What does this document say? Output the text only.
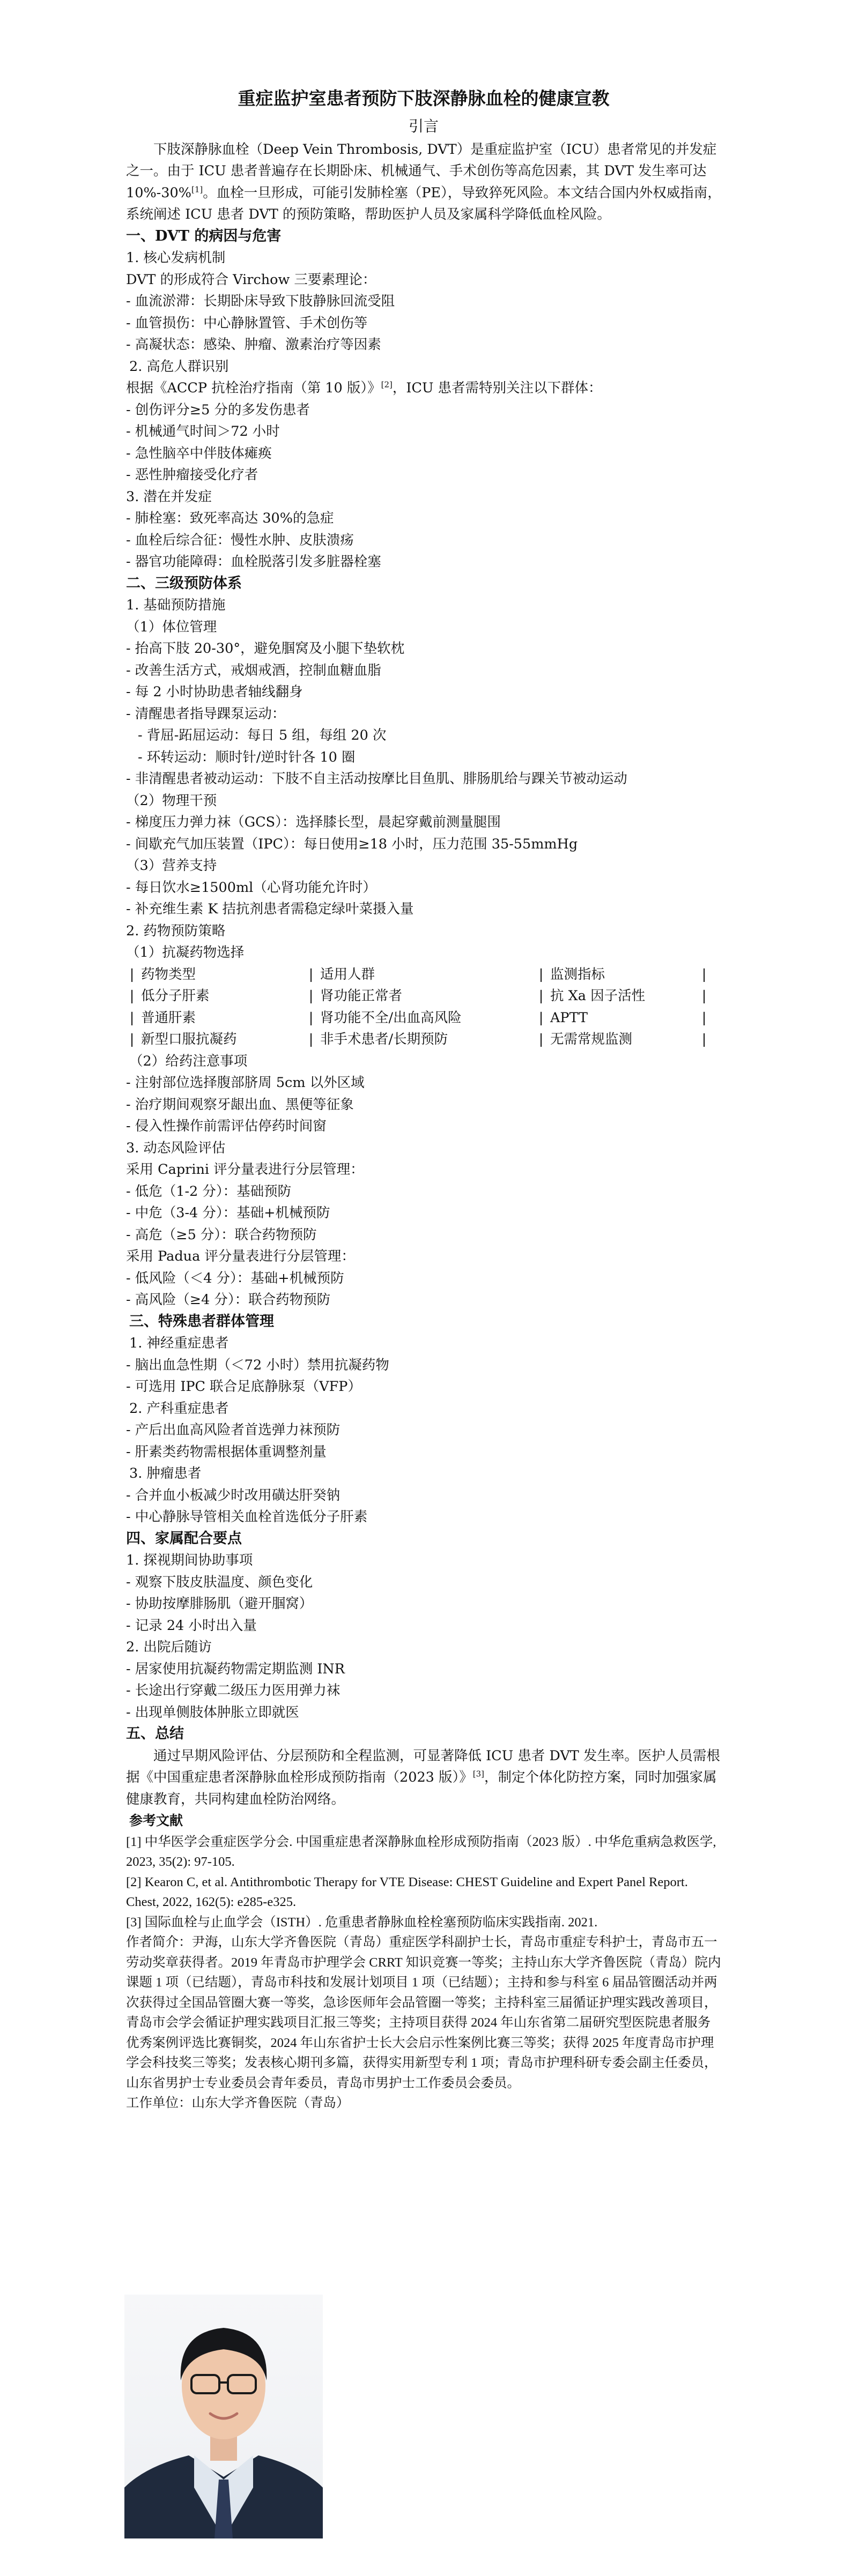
重症监护室患者预防下肢深静脉血栓的健康宣教

引言

下肢深静脉血栓（Deep Vein Thrombosis, DVT）是重症监护室（ICU）患者常见的并发症之一。由于 ICU 患者普遍存在长期卧床、机械通气、手术创伤等高危因素，其 DVT 发生率可达 10%-30%[1]。血栓一旦形成，可能引发肺栓塞（PE），导致猝死风险。本文结合国内外权威指南，系统阐述 ICU 患者 DVT 的预防策略，帮助医护人员及家属科学降低血栓风险。

一、DVT 的病因与危害

1. 核心发病机制

DVT 的形成符合 Virchow 三要素理论：

- 血流淤滞：长期卧床导致下肢静脉回流受阻

- 血管损伤：中心静脉置管、手术创伤等

- 高凝状态：感染、肿瘤、激素治疗等因素

2. 高危人群识别

根据《ACCP 抗栓治疗指南（第 10 版）》[2]，ICU 患者需特别关注以下群体：

- 创伤评分≥5 分的多发伤患者

- 机械通气时间＞72 小时

- 急性脑卒中伴肢体瘫痪

- 恶性肿瘤接受化疗者

3. 潜在并发症

- 肺栓塞：致死率高达 30%的急症

- 血栓后综合征：慢性水肿、皮肤溃疡

- 器官功能障碍：血栓脱落引发多脏器栓塞

二、三级预防体系

1. 基础预防措施

（1）体位管理

- 抬高下肢 20-30°，避免腘窝及小腿下垫软枕

- 改善生活方式，戒烟戒酒，控制血糖血脂

- 每 2 小时协助患者轴线翻身

- 清醒患者指导踝泵运动：

- 背屈-跖屈运动：每日 5 组，每组 20 次

- 环转运动：顺时针/逆时针各 10 圈

- 非清醒患者被动运动：下肢不自主活动按摩比目鱼肌、腓肠肌给与踝关节被动运动

（2）物理干预

- 梯度压力弹力袜（GCS）：选择膝长型，晨起穿戴前测量腿围

- 间歇充气加压装置（IPC）：每日使用≥18 小时，压力范围 35-55mmHg

（3）营养支持

- 每日饮水≥1500ml（心肾功能允许时）

- 补充维生素 K 拮抗剂患者需稳定绿叶菜摄入量

2. 药物预防策略

（1）抗凝药物选择

|	药物类型	|	适用人群	|	监测指标	|
|	低分子肝素	|	肾功能正常者	|	抗 Xa 因子活性	|
|	普通肝素	|	肾功能不全/出血高风险	|	APTT	|
|	新型口服抗凝药	|	非手术患者/长期预防	|	无需常规监测	|

（2）给药注意事项

- 注射部位选择腹部脐周 5cm 以外区域

- 治疗期间观察牙龈出血、黑便等征象

- 侵入性操作前需评估停药时间窗

3. 动态风险评估

采用 Caprini 评分量表进行分层管理：

- 低危（1-2 分）：基础预防

- 中危（3-4 分）：基础+机械预防

- 高危（≥5 分）：联合药物预防

采用 Padua 评分量表进行分层管理：

- 低风险（＜4 分）：基础+机械预防

- 高风险（≥4 分）：联合药物预防

三、特殊患者群体管理

1. 神经重症患者

- 脑出血急性期（＜72 小时）禁用抗凝药物

- 可选用 IPC 联合足底静脉泵（VFP）

2. 产科重症患者

- 产后出血高风险者首选弹力袜预防

- 肝素类药物需根据体重调整剂量

3. 肿瘤患者

- 合并血小板减少时改用磺达肝癸钠

- 中心静脉导管相关血栓首选低分子肝素

四、家属配合要点

1. 探视期间协助事项

- 观察下肢皮肤温度、颜色变化

- 协助按摩腓肠肌（避开腘窝）

- 记录 24 小时出入量

2. 出院后随访

- 居家使用抗凝药物需定期监测 INR

- 长途出行穿戴二级压力医用弹力袜

- 出现单侧肢体肿胀立即就医

五、总结

通过早期风险评估、分层预防和全程监测，可显著降低 ICU 患者 DVT 发生率。医护人员需根据《中国重症患者深静脉血栓形成预防指南（2023 版）》[3]，制定个体化防控方案，同时加强家属健康教育，共同构建血栓防治网络。

参考文献

[1] 中华医学会重症医学分会. 中国重症患者深静脉血栓形成预防指南（2023 版）. 中华危重病急救医学, 2023, 35(2): 97-105.

[2] Kearon C, et al. Antithrombotic Therapy for VTE Disease: CHEST Guideline and Expert Panel Report. Chest, 2022, 162(5): e285-e325.

[3] 国际血栓与止血学会（ISTH）. 危重患者静脉血栓栓塞预防临床实践指南. 2021.

作者简介：尹海，山东大学齐鲁医院（青岛）重症医学科副护士长，青岛市重症专科护士，青岛市五一劳动奖章获得者。2019 年青岛市护理学会 CRRT 知识竞赛一等奖；主持山东大学齐鲁医院（青岛）院内课题 1 项（已结题），青岛市科技和发展计划项目 1 项（已结题）；主持和参与科室 6 届品管圈活动并两次获得过全国品管圈大赛一等奖，急诊医师年会品管圈一等奖；主持科室三届循证护理实践改善项目，青岛市会学会循证护理实践项目汇报三等奖；主持项目获得 2024 年山东省第二届研究型医院患者服务优秀案例评选比赛铜奖，2024 年山东省护士长大会启示性案例比赛三等奖；获得 2025 年度青岛市护理学会科技奖三等奖；发表核心期刊多篇，获得实用新型专利 1 项；青岛市护理科研专委会副主任委员，山东省男护士专业委员会青年委员，青岛市男护士工作委员会委员。

工作单位：山东大学齐鲁医院（青岛）
